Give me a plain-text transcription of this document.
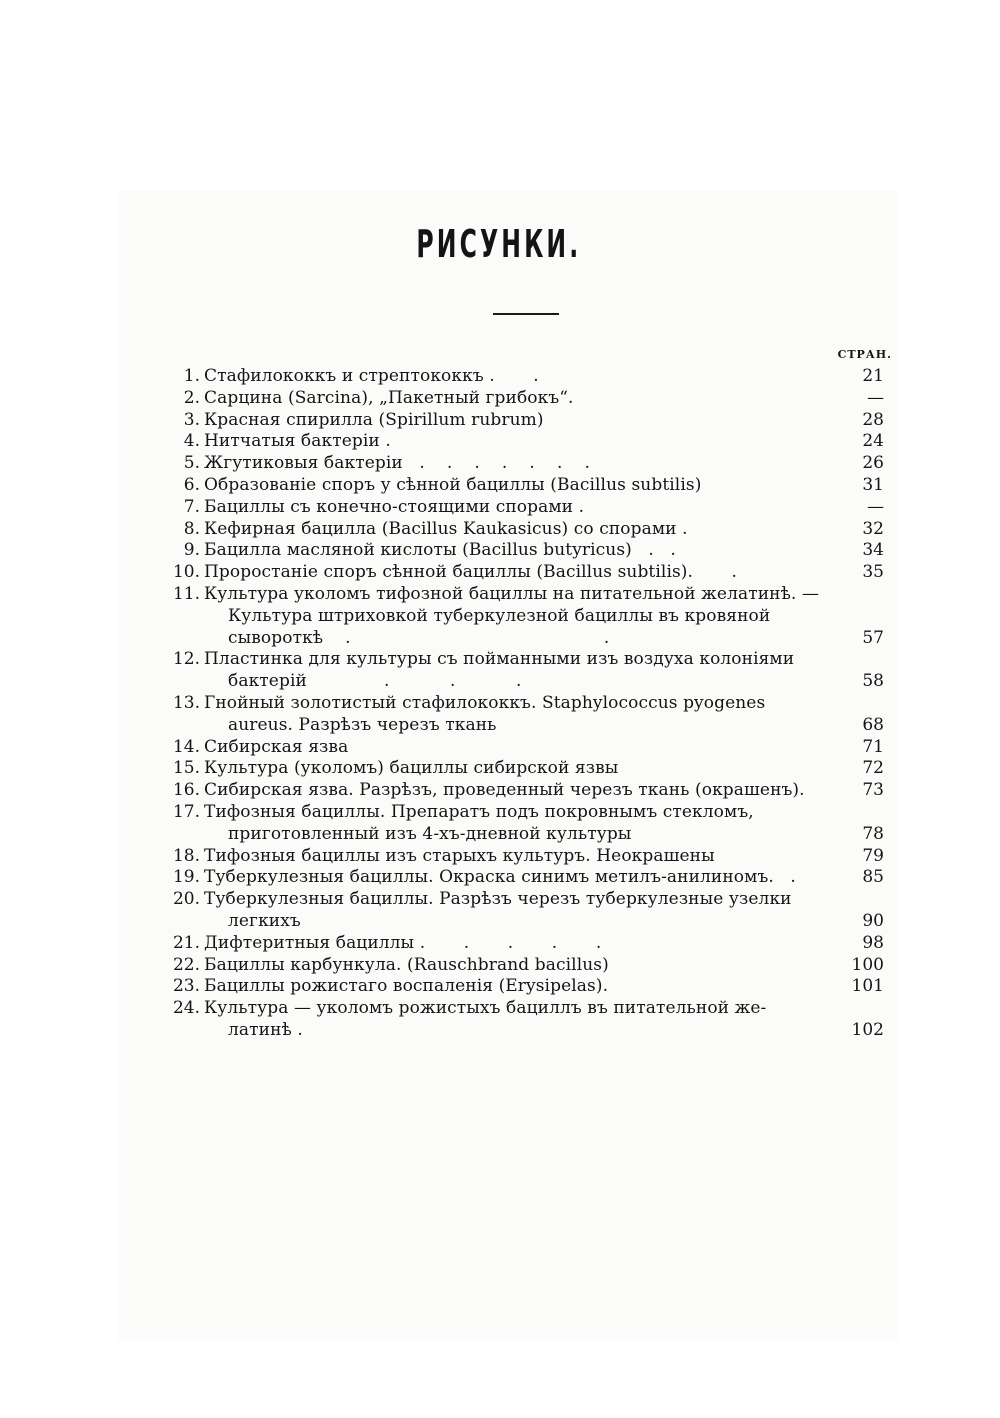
РИСУНКИ.
СТРАН.
1. Стафилококкъ и стрептококкъ .       .	21
2. Сарцина (Sarcina), „Пакетный грибокъ“.	—
3. Красная спирилла (Spirillum rubrum)	28
4. Нитчатыя бактеріи .	24
5. Жгутиковыя бактеріи   .    .    .    .    .    .    .	26
6. Образованіе споръ у сѣнной бациллы (Bacillus subtilis)	31
7. Бациллы съ конечно-стоящими спорами .	—
8. Кефирная бацилла (Bacillus Kaukasicus) со спорами .	32
9. Бацилла масляной кислоты (Bacillus butyricus)   .   .	34
10. Проростаніе споръ сѣнной бациллы (Bacillus subtilis).       .	35
11. Культура уколомъ тифозной бациллы на питательной желатинѣ. —
Культура штриховкой туберкулезной бациллы въ кровяной
сывороткѣ    .                                              .	57
12. Пластинка для культуры съ пойманными изъ воздуха колоніями
бактерій              .           .           .	58
13. Гнойный золотистый стафилококкъ. Staphylococcus pyogenes
aureus. Разрѣзъ черезъ ткань	68
14. Сибирская язва	71
15. Культура (уколомъ) бациллы сибирской язвы	72
16. Сибирская язва. Разрѣзъ, проведенный черезъ ткань (окрашенъ).	73
17. Тифозныя бациллы. Препаратъ подъ покровнымъ стекломъ,
приготовленный изъ 4-хъ-дневной культуры	78
18. Тифозныя бациллы изъ старыхъ культуръ. Неокрашены	79
19. Туберкулезныя бациллы. Окраска синимъ метилъ-анилиномъ.   .	85
20. Туберкулезныя бациллы. Разрѣзъ черезъ туберкулезные узелки
легкихъ	90
21. Дифтеритныя бациллы .       .       .       .       .	98
22. Бациллы карбункула. (Rauschbrand bacillus)	100
23. Бациллы рожистаго воспаленія (Erysipelas).	101
24. Культура — уколомъ рожистыхъ бациллъ въ питательной же-
латинѣ .	102
